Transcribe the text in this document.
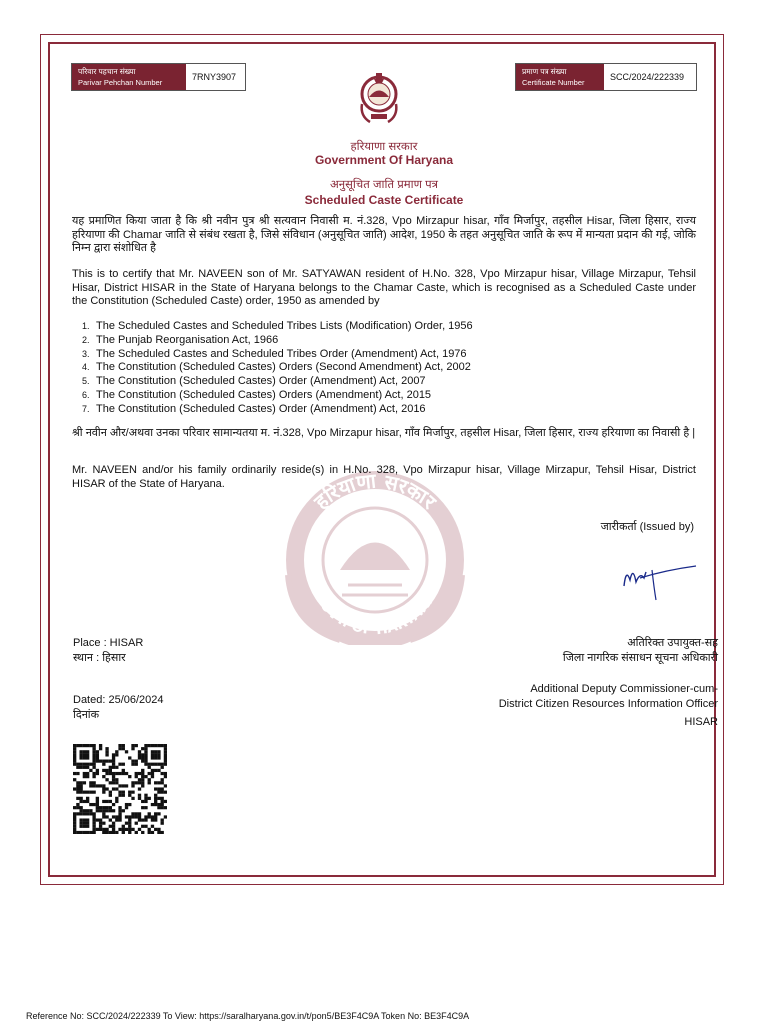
परिवार पहचान संख्या
Parivar Pehchan Number
7RNY3907
प्रमाण पत्र संख्या
Certificate Number
SCC/2024/222339
हरियाणा सरकार
Government Of Haryana
अनुसूचित जाति प्रमाण पत्र
Scheduled Caste Certificate
हरियाणा सरकार
GOVT. OF HARYANA
यह प्रमाणित किया जाता है कि श्री नवीन पुत्र श्री सत्यवान निवासी म. नं.328, Vpo Mirzapur hisar, गाँव मिर्जापुर, तहसील Hisar, जिला हिसार, राज्य हरियाणा की Chamar जाति से संबंध रखता है, जिसे संविधान (अनुसूचित जाति) आदेश, 1950 के तहत अनुसूचित जाति के रूप में मान्यता प्रदान की गई, जोकि निम्न द्वारा संशोधित है
This is to certify that Mr. NAVEEN son of Mr. SATYAWAN resident of H.No. 328, Vpo Mirzapur hisar, Village Mirzapur, Tehsil Hisar, District HISAR in the State of Haryana belongs to the Chamar Caste, which is recognised as a Scheduled Caste under the Constitution (Scheduled Caste) order, 1950 as amended by
1. The Scheduled Castes and Scheduled Tribes Lists (Modification) Order, 1956
2. The Punjab Reorganisation Act, 1966
3. The Scheduled Castes and Scheduled Tribes Order (Amendment) Act, 1976
4. The Constitution (Scheduled Castes) Orders (Second Amendment) Act, 2002
5. The Constitution (Scheduled Castes) Order (Amendment) Act, 2007
6. The Constitution (Scheduled Castes) Orders (Amendment) Act, 2015
7. The Constitution (Scheduled Castes) Order (Amendment) Act, 2016
श्री नवीन और/अथवा उनका परिवार सामान्यतया म. नं.328, Vpo Mirzapur hisar, गाँव मिर्जापुर, तहसील Hisar, जिला हिसार, राज्य हरियाणा का निवासी है |
Mr. NAVEEN and/or his family ordinarily reside(s) in H.No. 328, Vpo Mirzapur hisar, Village Mirzapur, Tehsil Hisar, District HISAR of the State of Haryana.
जारीकर्ता (Issued by)
Place : HISAR
स्थान : हिसार
अतिरिक्त उपायुक्त-सह
जिला नागरिक संसाधन सूचना अधिकारी
Dated: 25/06/2024
दिनांक
Additional Deputy Commissioner-cum-
District Citizen Resources Information Officer
HISAR
Reference No: SCC/2024/222339 To View: https://saralharyana.gov.in/t/pon5/BE3F4C9A Token No: BE3F4C9A
